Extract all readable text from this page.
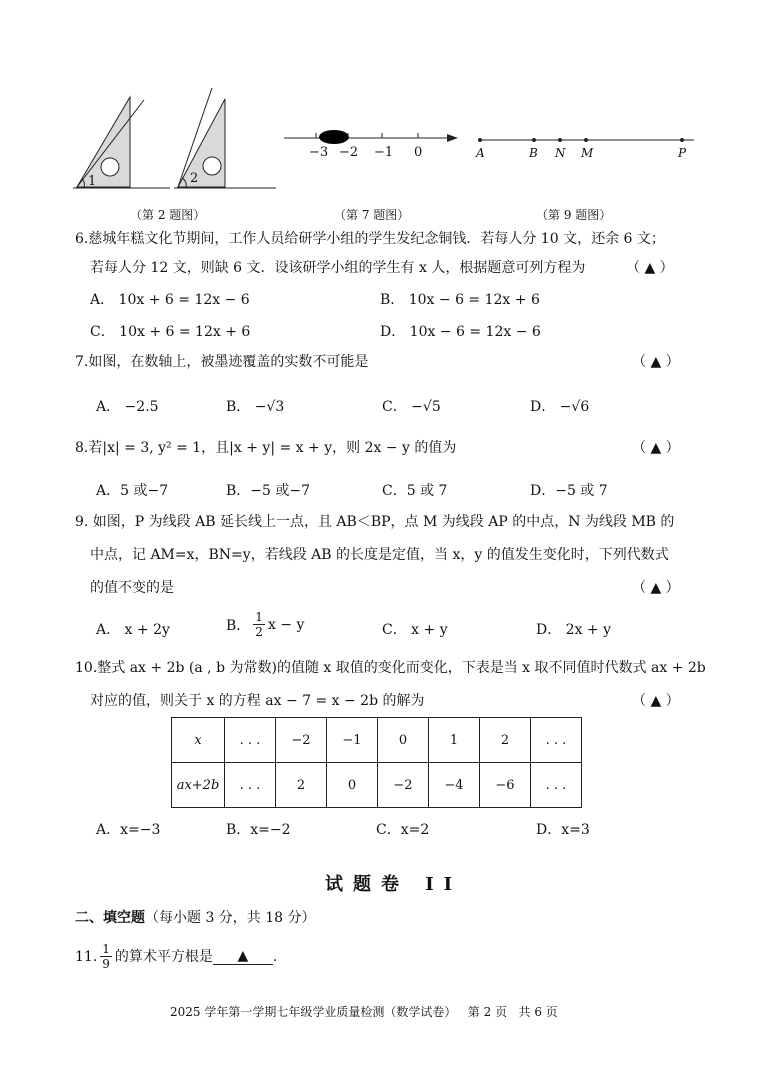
1	2
（第 2 题图）
−3 −2 −1 0
（第 7 题图）
A	B N M	P
（第 9 题图）
6.慈城年糕文化节期间，工作人员给研学小组的学生发纪念铜钱．若每人分 10 文，还余 6 文；
若每人分 12 文，则缺 6 文．设该研学小组的学生有 x 人，根据题意可列方程为	（ ▲ ）
A． 10x + 6 = 12x − 6	B． 10x − 6 = 12x + 6
C． 10x + 6 = 12x + 6	D． 10x − 6 = 12x − 6
7.如图，在数轴上，被墨迹覆盖的实数不可能是	（ ▲ ）
A． −2.5	B． −√3	C． −√5	D． −√6
8.若|x| = 3, y² = 1，且|x + y| = x + y，则 2x − y 的值为	（ ▲ ）
A．5 或−7	B．−5 或−7	C．5 或 7	D．−5 或 7
9. 如图，P 为线段 AB 延长线上一点，且 AB＜BP，点 M 为线段 AP 的中点，N 为线段 MB 的
中点，记 AM=x，BN=y，若线段 AB 的长度是定值，当 x，y 的值发生变化时，下列代数式
的值不变的是	（ ▲ ）
A． x + 2y	B． $\frac{1}{2}$ x − y	C． x + y	D． 2x + y
10.整式 ax + 2b (a , b 为常数)的值随 x 取值的变化而变化，下表是当 x 取不同值时代数式 ax + 2b
对应的值，则关于 x 的方程 ax − 7 = x − 2b 的解为	（ ▲ ）
x	. . .	−2	−1	0	1	2	. . .
ax+2b	. . .	2	0	−2	−4	−6	. . .
A．x=−3	B．x=−2	C．x=2	D．x=3
试题卷 II
二、填空题（每小题 3 分，共 18 分）
11. $\frac{1}{9}$ 的算术平方根是	▲	.
2025 学年第一学期七年级学业质量检测（数学试卷）   第 2 页   共 6 页
